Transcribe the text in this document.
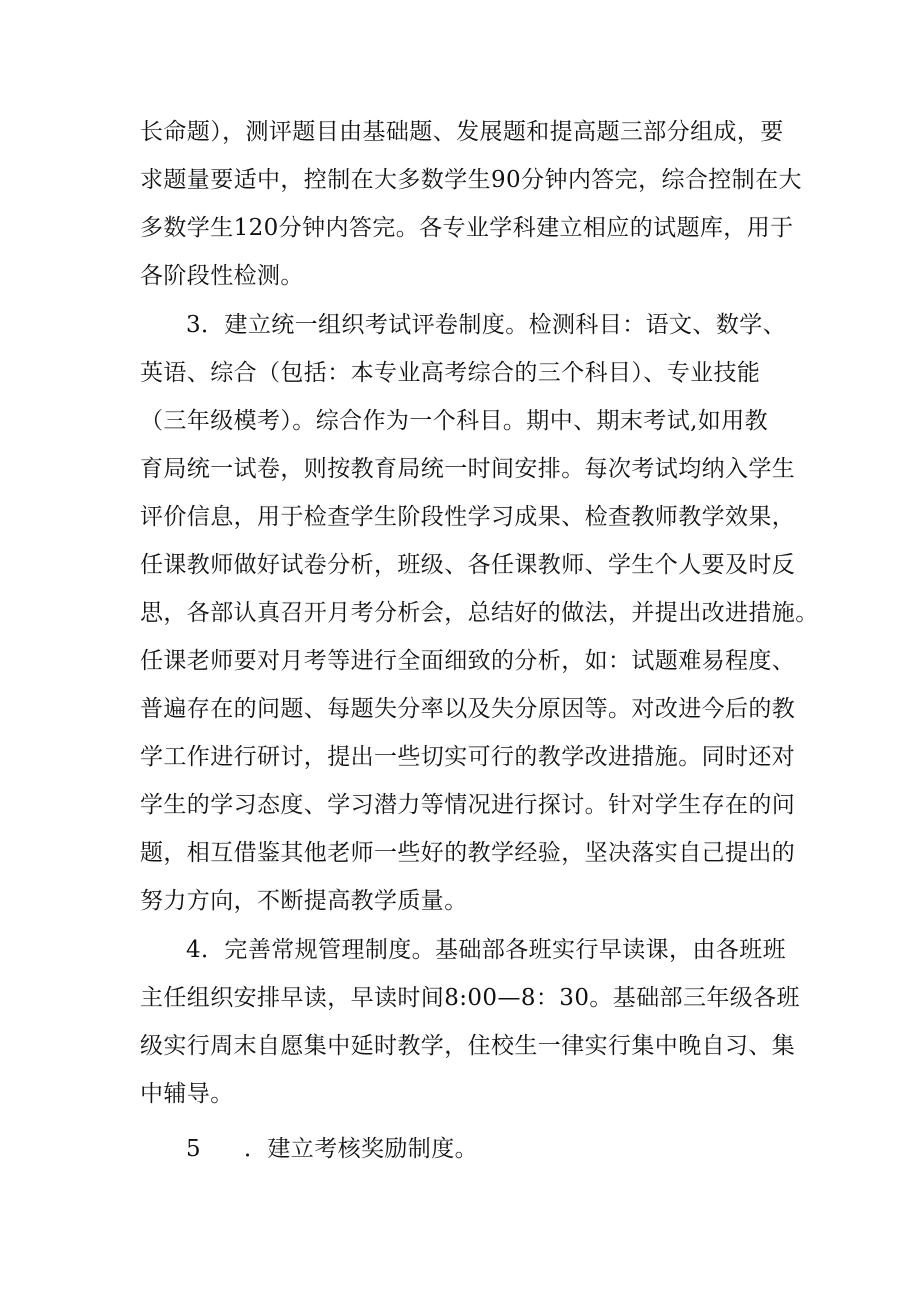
长命题），测评题目由基础题、发展题和提高题三部分组成，要
求题量要适中，控制在大多数学生90分钟内答完，综合控制在大
多数学生120分钟内答完。各专业学科建立相应的试题库，用于
各阶段性检测。
3．建立统一组织考试评卷制度。检测科目：语文、数学、
英语、综合（包括：本专业高考综合的三个科目）、专业技能
（三年级模考）。综合作为一个科目。期中、期末考试,如用教
育局统一试卷，则按教育局统一时间安排。每次考试均纳入学生
评价信息，用于检查学生阶段性学习成果、检查教师教学效果，
任课教师做好试卷分析，班级、各任课教师、学生个人要及时反
思，各部认真召开月考分析会，总结好的做法，并提出改进措施。
任课老师要对月考等进行全面细致的分析，如：试题难易程度、
普遍存在的问题、每题失分率以及失分原因等。对改进今后的教
学工作进行研讨，提出一些切实可行的教学改进措施。同时还对
学生的学习态度、学习潜力等情况进行探讨。针对学生存在的问
题，相互借鉴其他老师一些好的教学经验，坚决落实自己提出的
努力方向，不断提高教学质量。
4．完善常规管理制度。基础部各班实行早读课，由各班班
主任组织安排早读，早读时间8:00—8：30。基础部三年级各班
级实行周末自愿集中延时教学，住校生一律实行集中晚自习、集
中辅导。
5 ．建立考核奖励制度。
